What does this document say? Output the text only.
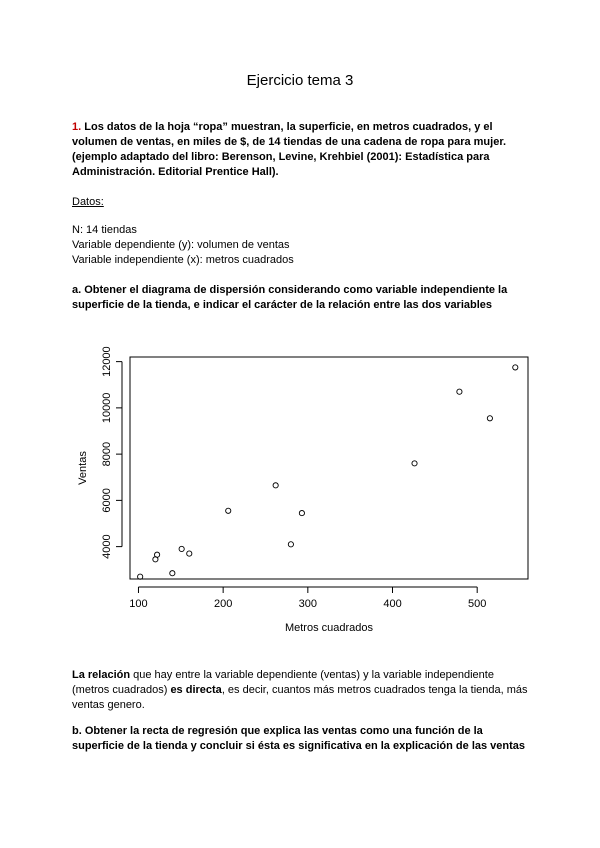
Ejercicio tema 3
1. Los datos de la hoja “ropa” muestran, la superficie, en metros cuadrados, y el volumen de ventas, en miles de $, de 14 tiendas de una cadena de ropa para mujer. (ejemplo adaptado del libro: Berenson, Levine, Krehbiel (2001): Estadística para Administración. Editorial Prentice Hall).
Datos:
N: 14 tiendas
Variable dependiente (y): volumen de ventas
Variable independiente (x): metros cuadrados
a. Obtener el diagrama de dispersión considerando como variable independiente la superficie de la tienda, e indicar el carácter de la relación entre las dos variables
Metros cuadrados
Ventas
100	200	300	400	500
4000
6000
8000
10000
12000
La relación que hay entre la variable dependiente (ventas) y la variable independiente (metros cuadrados) es directa, es decir, cuantos más metros cuadrados tenga la tienda, más ventas genero.
b. Obtener la recta de regresión que explica las ventas como una función de la superficie de la tienda y concluir si ésta es significativa en la explicación de las ventas
